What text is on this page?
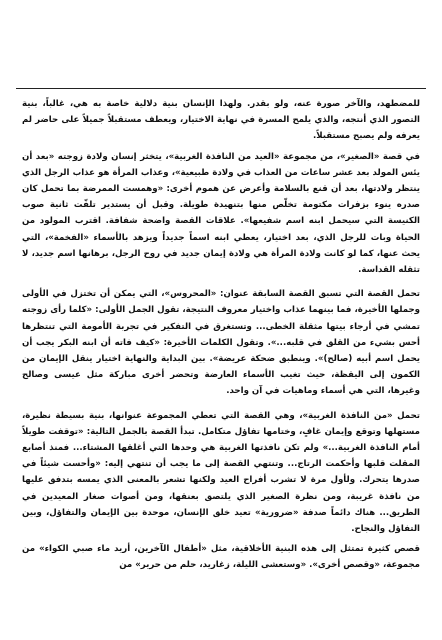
للمضطهد، والآخر صورة عنه، ولو بقدر. ولهذا الإنسان بنية دلالية خاصة به هي، غالباً، بنية التصور الذي أنتجه، والذي يلمح المسرة في نهاية الاختيار، ويعطف مستقبلاً جميلاً على حاضر لم يعرفه ولم يصبح مستقبلاً.

في قصة «الصغير»، من مجموعة «العيد من النافذة الغربية»، يتخثر إنسان ولادة زوجته «بعد أن يئس المولد بعد عشر ساعات من العذاب في ولادة طبيعية»، وعذاب المرأة هو عذاب الرجل الذي ينتظر ولادتها، بعد أن قنع بالسلامة وأعرض عن هموم أخرى: «وهمست الممرضة بما تحمل كان صدره ينوء بزفرات مكتومة تخلّص منها بتنهيدة طويلة. وقبل أن يستدير تلفّت ثانية صوب الكنيسة التي سيحمل ابنه اسم شفيعها». علاقات القصة واضحة شفافة. اقترب المولود من الحياة وبات للرجل الذي، بعد اختيار، يعطي ابنه اسماً جديداً ويزهد بالأسماء «الفخمة»، التي يحث عنها، كما لو كانت ولادة المرأة هي ولادة إيمان جديد في روح الرجل، برهانها اسم جديد، لا تثقله القداسة.

تحمل القصة التي تسبق القصة السابقة عنوان: «المحروس»، التي يمكن أن تختزل في الأولى وجملها الأخيرة، فما بينهما عذاب واختيار معروف النتيجة، تقول الجمل الأولى: «كلما رأى زوجته تمشي في أرجاء بيتها مثقلة الخطى... وتستغرق في التفكير في تجربة الأمومة التي تنتظرها أحس بشيء من القلق في قلبه...». وتقول الكلمات الأخيرة: «كيف فاته أن ابنه البكر يجب أن يحمل اسم أبيه (صالح)». وينطبق ضحكة عريضة». بين البداية والنهاية اختيار ينقل الإيمان من الكمون إلى اليقظة، حيث تغيب الأسماء العارضة وتحضر أخرى مباركة مثل عيسى وصالح وغيرها، التي هي أسماء وماهيات في آن واحد.

تحمل «من النافذة الغربية»، وهي القصة التي تعطي المجموعة عنوانها، بنية بسيطة نظيرة، مستهلها وتوقع وإيمان غافٍ، وختامها تفاؤل متكامل. تبدأ القصة بالجمل التالية: «توقفت طويلاً أمام النافذة الغربية...» ولم تكن نافذتها الغربية هي وحدها التي أغلقها المشتاء... فمنذ أصابع المقلت قلبها وأحكمت الرتاج... وتنتهي القصة إلى ما يجب أن تنتهي إليه: «وأحست شيئاً في صدرها يتحرك. ولأول مرة لا تشرب أفراح العيد ولكنها تشعر بالمعنى الذي يمسه بتدفق عليها من نافذة غريبة، ومن نظرة الصغير الذي يلتصق بعنقها، ومن أصوات صغار المعيدين في الطريق... هناك دائماً صدفة «ضرورية» تعيد خلق الإنسان، موحدة بين الإيمان والتفاؤل، وبين التفاؤل والنجاح.

قصص كثيرة تمتثل إلى هذه البنية الأخلاقية، مثل «أطفال الآخرين، أريد ماء صبي الكواء» من مجموعة، «وقصص أخرى». «وستعشى الليلة، زغاريد، حلم من حرير» من
